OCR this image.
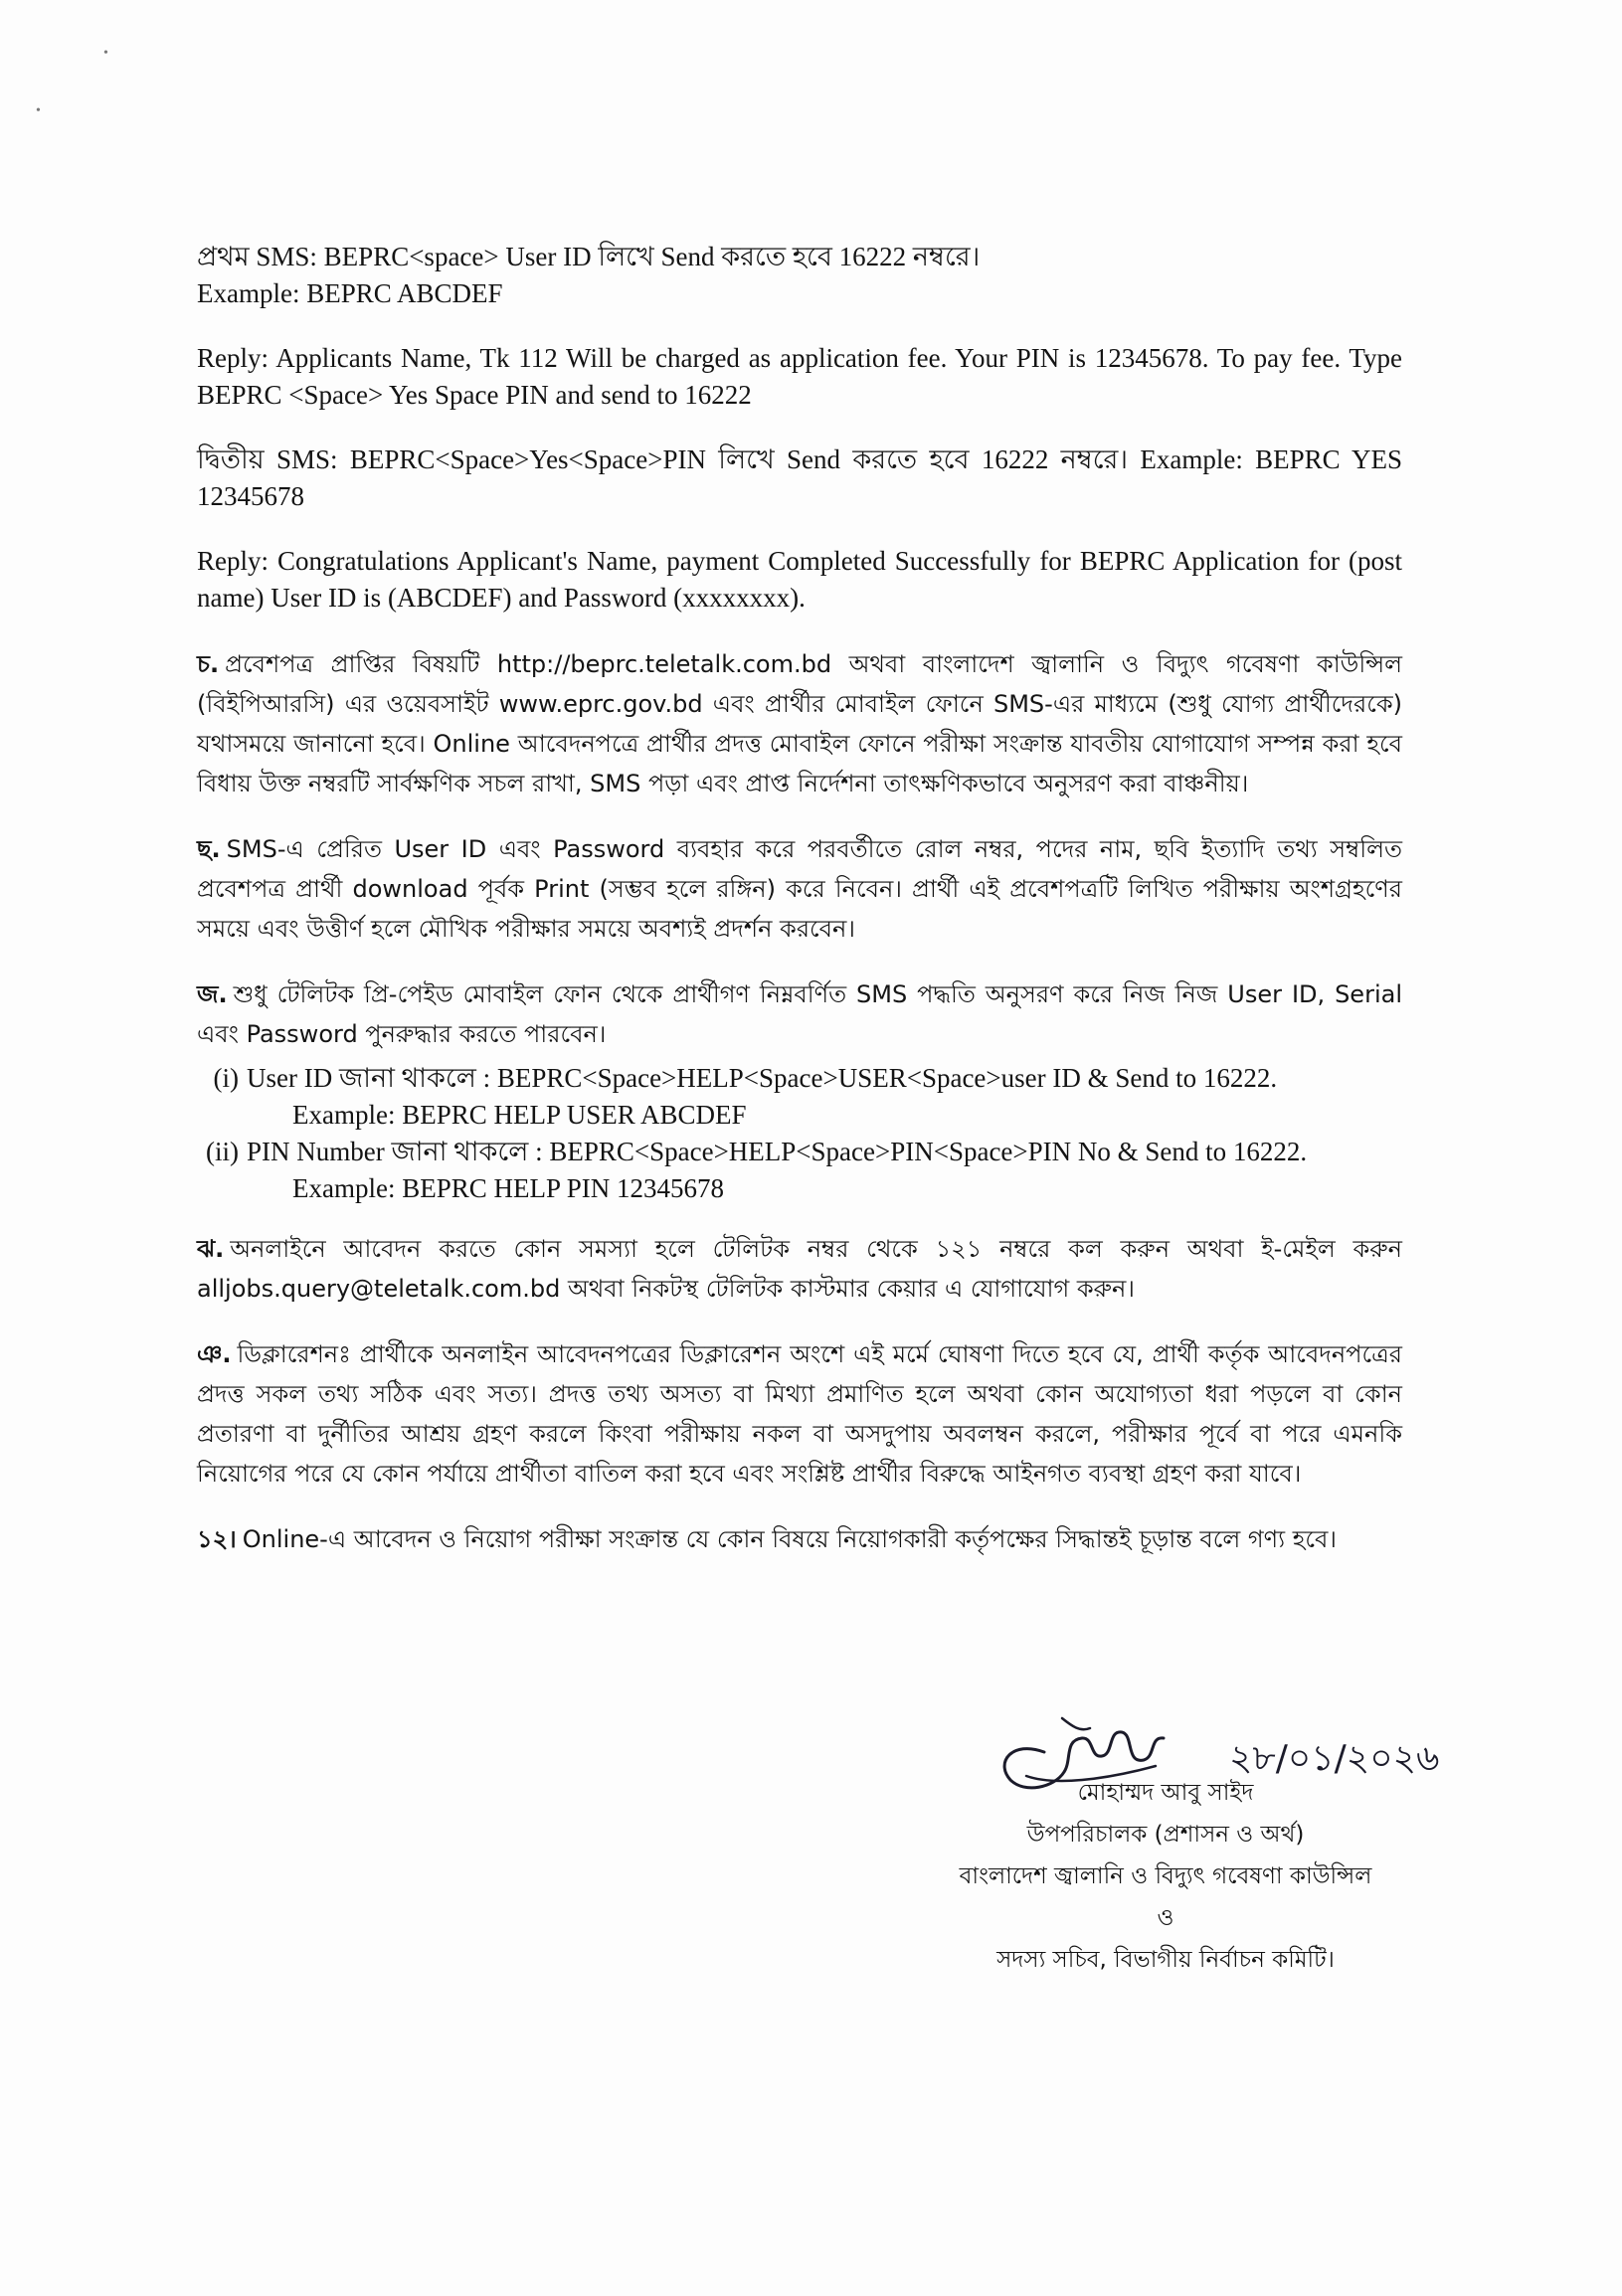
•
•
প্রথম SMS: BEPRC<space> User ID লিখে Send করতে হবে 16222 নম্বরে।
Example: BEPRC ABCDEF
Reply: Applicants Name, Tk 112 Will be charged as application fee. Your PIN is 12345678. To pay fee. Type BEPRC <Space> Yes Space PIN and send to 16222
দ্বিতীয় SMS: BEPRC<Space>Yes<Space>PIN লিখে Send করতে হবে 16222 নম্বরে। Example: BEPRC YES 12345678
Reply: Congratulations Applicant's Name, payment Completed Successfully for BEPRC Application for (post name) User ID is (ABCDEF) and Password (xxxxxxxx).
চ. প্রবেশপত্র প্রাপ্তির বিষয়টি http://beprc.teletalk.com.bd অথবা বাংলাদেশ জ্বালানি ও বিদ্যুৎ গবেষণা কাউন্সিল (বিইপিআরসি) এর ওয়েবসাইট www.eprc.gov.bd এবং প্রার্থীর মোবাইল ফোনে SMS-এর মাধ্যমে (শুধু যোগ্য প্রার্থীদেরকে) যথাসময়ে জানানো হবে। Online আবেদনপত্রে প্রার্থীর প্রদত্ত মোবাইল ফোনে পরীক্ষা সংক্রান্ত যাবতীয় যোগাযোগ সম্পন্ন করা হবে বিধায় উক্ত নম্বরটি সার্বক্ষণিক সচল রাখা, SMS পড়া এবং প্রাপ্ত নির্দেশনা তাৎক্ষণিকভাবে অনুসরণ করা বাঞ্চনীয়।
ছ. SMS-এ প্রেরিত User ID এবং Password ব্যবহার করে পরবর্তীতে রোল নম্বর, পদের নাম, ছবি ইত্যাদি তথ্য সম্বলিত প্রবেশপত্র প্রার্থী download পূর্বক Print (সম্ভব হলে রঙ্গিন) করে নিবেন। প্রার্থী এই প্রবেশপত্রটি লিখিত পরীক্ষায় অংশগ্রহণের সময়ে এবং উত্তীর্ণ হলে মৌখিক পরীক্ষার সময়ে অবশ্যই প্রদর্শন করবেন।
জ. শুধু টেলিটক প্রি-পেইড মোবাইল ফোন থেকে প্রার্থীগণ নিম্নবর্ণিত SMS পদ্ধতি অনুসরণ করে নিজ নিজ User ID, Serial এবং Password পুনরুদ্ধার করতে পারবেন।
(i) User ID জানা থাকলে : BEPRC<Space>HELP<Space>USER<Space>user ID & Send to 16222.
Example: BEPRC HELP USER ABCDEF
(ii) PIN Number জানা থাকলে : BEPRC<Space>HELP<Space>PIN<Space>PIN No & Send to 16222.
Example: BEPRC HELP PIN 12345678
ঝ. অনলাইনে আবেদন করতে কোন সমস্যা হলে টেলিটক নম্বর থেকে ১২১ নম্বরে কল করুন অথবা ই-মেইল করুন alljobs.query@teletalk.com.bd অথবা নিকটস্থ টেলিটক কাস্টমার কেয়ার এ যোগাযোগ করুন।
ঞ. ডিক্লারেশনঃ প্রার্থীকে অনলাইন আবেদনপত্রের ডিক্লারেশন অংশে এই মর্মে ঘোষণা দিতে হবে যে, প্রার্থী কর্তৃক আবেদনপত্রের প্রদত্ত সকল তথ্য সঠিক এবং সত্য। প্রদত্ত তথ্য অসত্য বা মিথ্যা প্রমাণিত হলে অথবা কোন অযোগ্যতা ধরা পড়লে বা কোন প্রতারণা বা দুর্নীতির আশ্রয় গ্রহণ করলে কিংবা পরীক্ষায় নকল বা অসদুপায় অবলম্বন করলে, পরীক্ষার পূর্বে বা পরে এমনকি নিয়োগের পরে যে কোন পর্যায়ে প্রার্থীতা বাতিল করা হবে এবং সংশ্লিষ্ট প্রার্থীর বিরুদ্ধে আইনগত ব্যবস্থা গ্রহণ করা যাবে।
১২। Online-এ আবেদন ও নিয়োগ পরীক্ষা সংক্রান্ত যে কোন বিষয়ে নিয়োগকারী কর্তৃপক্ষের সিদ্ধান্তই চূড়ান্ত বলে গণ্য হবে।
২৮/০১/২০২৬
মোহাম্মদ আবু সাইদ
উপপরিচালক (প্রশাসন ও অর্থ)
বাংলাদেশ জ্বালানি ও বিদ্যুৎ গবেষণা কাউন্সিল
ও
সদস্য সচিব, বিভাগীয় নির্বাচন কমিটি।
